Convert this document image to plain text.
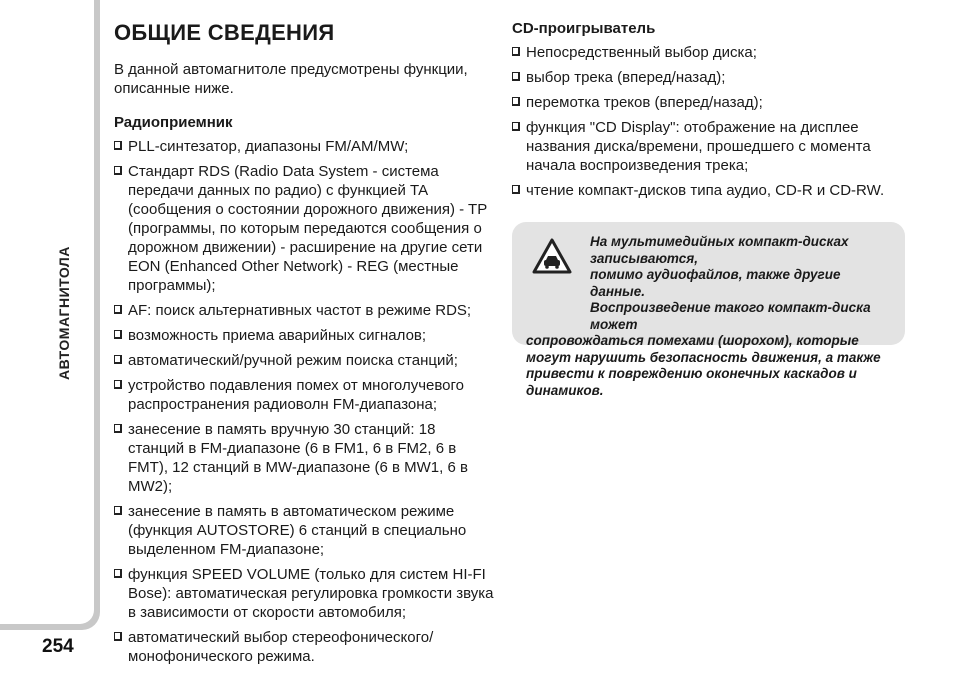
АВТОМАГНИТОЛА
254
ОБЩИЕ СВЕДЕНИЯ

В данной автомагнитоле предусмотрены функции, описанные ниже.

Радиоприемник
PLL-синтезатор, диапазоны FM/AM/MW;
Стандарт RDS (Radio Data System - система передачи данных по радио) с функцией TA (сообщения о состоянии дорожного движения) - TP (программы, по которым передаются сообщения о дорожном движении) - расширение на другие сети EON (Enhanced Other Network) - REG (местные программы);
AF: поиск альтернативных частот в режиме RDS;
возможность приема аварийных сигналов;
автоматический/ручной режим поиска станций;
устройство подавления помех от многолучевого распространения радиоволн FM-диапазона;
занесение в память вручную 30 станций: 18 станций в FM-диапазоне (6 в FM1, 6 в FM2, 6 в FMT), 12 станций в MW-диапазоне (6 в MW1, 6 в MW2);
занесение в память в автоматическом режиме (функция AUTOSTORE) 6 станций в специально выделенном FM-диапазоне;
функция SPEED VOLUME (только для систем HI-FI Bose): автоматическая регулировка громкости звука в зависимости от скорости автомобиля;
автоматический выбор стереофонического/монофонического режима.
CD-проигрыватель
Непосредственный выбор диска;
выбор трека (вперед/назад);
перемотка треков (вперед/назад);
функция "CD Display": отображение на дисплее названия диска/времени, прошедшего с момента начала воспроизведения трека;
чтение компакт-дисков типа аудио, CD-R и CD-RW.
На мультимедийных компакт-дисках записываются,
помимо аудиофайлов, также другие данные.
Воспроизведение такого компакт-диска может
сопровождаться помехами (шорохом), которые могут нарушить безопасность движения, а также привести к повреждению оконечных каскадов и динамиков.
